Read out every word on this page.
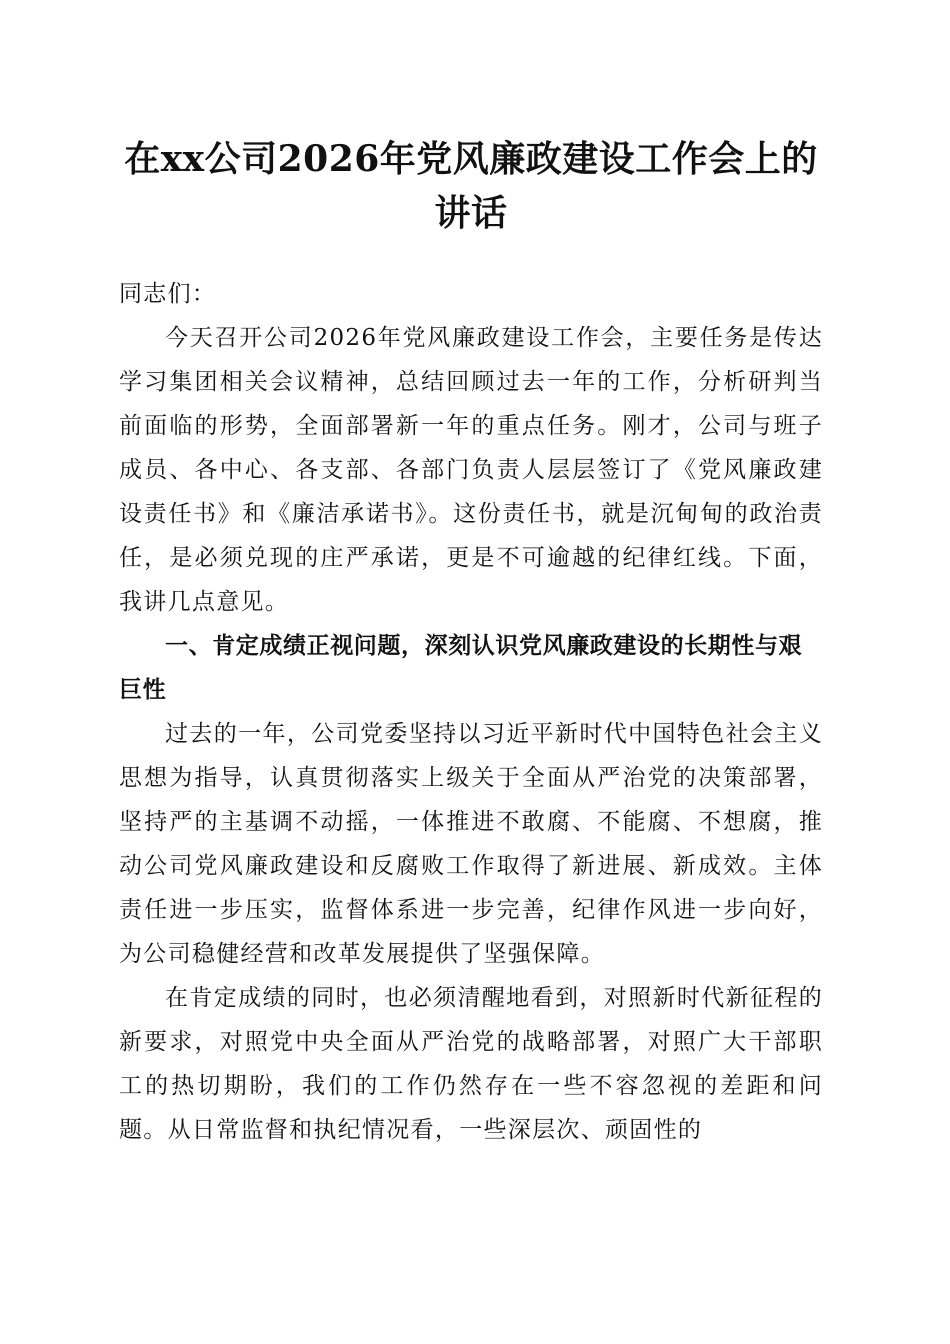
在xx公司2026年党风廉政建设工作会上的讲话

同志们：

今天召开公司2026年党风廉政建设工作会，主要任务是传达学习集团相关会议精神，总结回顾过去一年的工作，分析研判当前面临的形势，全面部署新一年的重点任务。刚才，公司与班子成员、各中心、各支部、各部门负责人层层签订了《党风廉政建设责任书》和《廉洁承诺书》。这份责任书，就是沉甸甸的政治责任，是必须兑现的庄严承诺，更是不可逾越的纪律红线。下面，我讲几点意见。

一、肯定成绩正视问题，深刻认识党风廉政建设的长期性与艰巨性

过去的一年，公司党委坚持以习近平新时代中国特色社会主义思想为指导，认真贯彻落实上级关于全面从严治党的决策部署，坚持严的主基调不动摇，一体推进不敢腐、不能腐、不想腐，推动公司党风廉政建设和反腐败工作取得了新进展、新成效。主体责任进一步压实，监督体系进一步完善，纪律作风进一步向好，为公司稳健经营和改革发展提供了坚强保障。

在肯定成绩的同时，也必须清醒地看到，对照新时代新征程的新要求，对照党中央全面从严治党的战略部署，对照广大干部职工的热切期盼，我们的工作仍然存在一些不容忽视的差距和问题。从日常监督和执纪情况看，一些深层次、顽固性的
